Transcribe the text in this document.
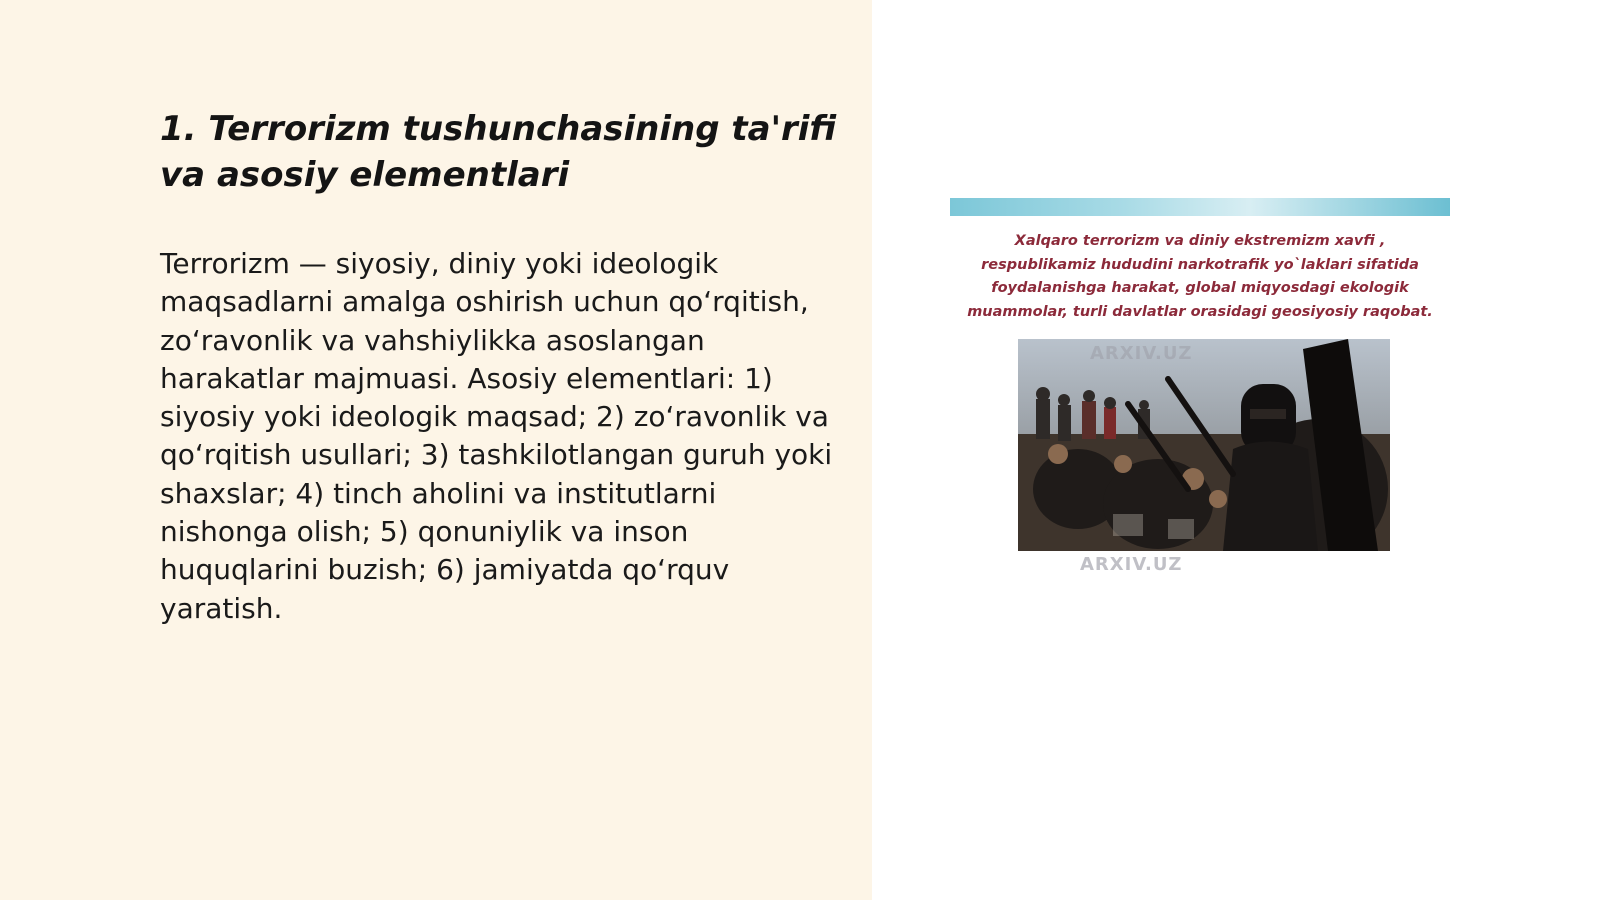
1. Terrorizm tushunchasining ta'rifi va asosiy elementlari

Terrorizm — siyosiy, diniy yoki ideologik maqsadlarni amalga oshirish uchun qo‘rqitish, zo‘ravonlik va vahshiylikka asoslangan harakatlar majmuasi. Asosiy elementlari: 1) siyosiy yoki ideologik maqsad; 2) zo‘ravonlik va qo‘rqitish usullari; 3) tashkilotlangan guruh yoki shaxslar; 4) tinch aholini va institutlarni nishonga olish; 5) qonuniylik va inson huquqlarini buzish; 6) jamiyatda qo‘rquv yaratish.

Xalqaro terrorizm va diniy ekstremizm xavfi , respublikamiz hududini narkotrafik yo`laklari sifatida foydalanishga harakat, global miqyosdagi ekologik muammolar, turli davlatlar orasidagi geosiyosiy raqobat.

ARXIV.UZ
ARXIV.UZ
